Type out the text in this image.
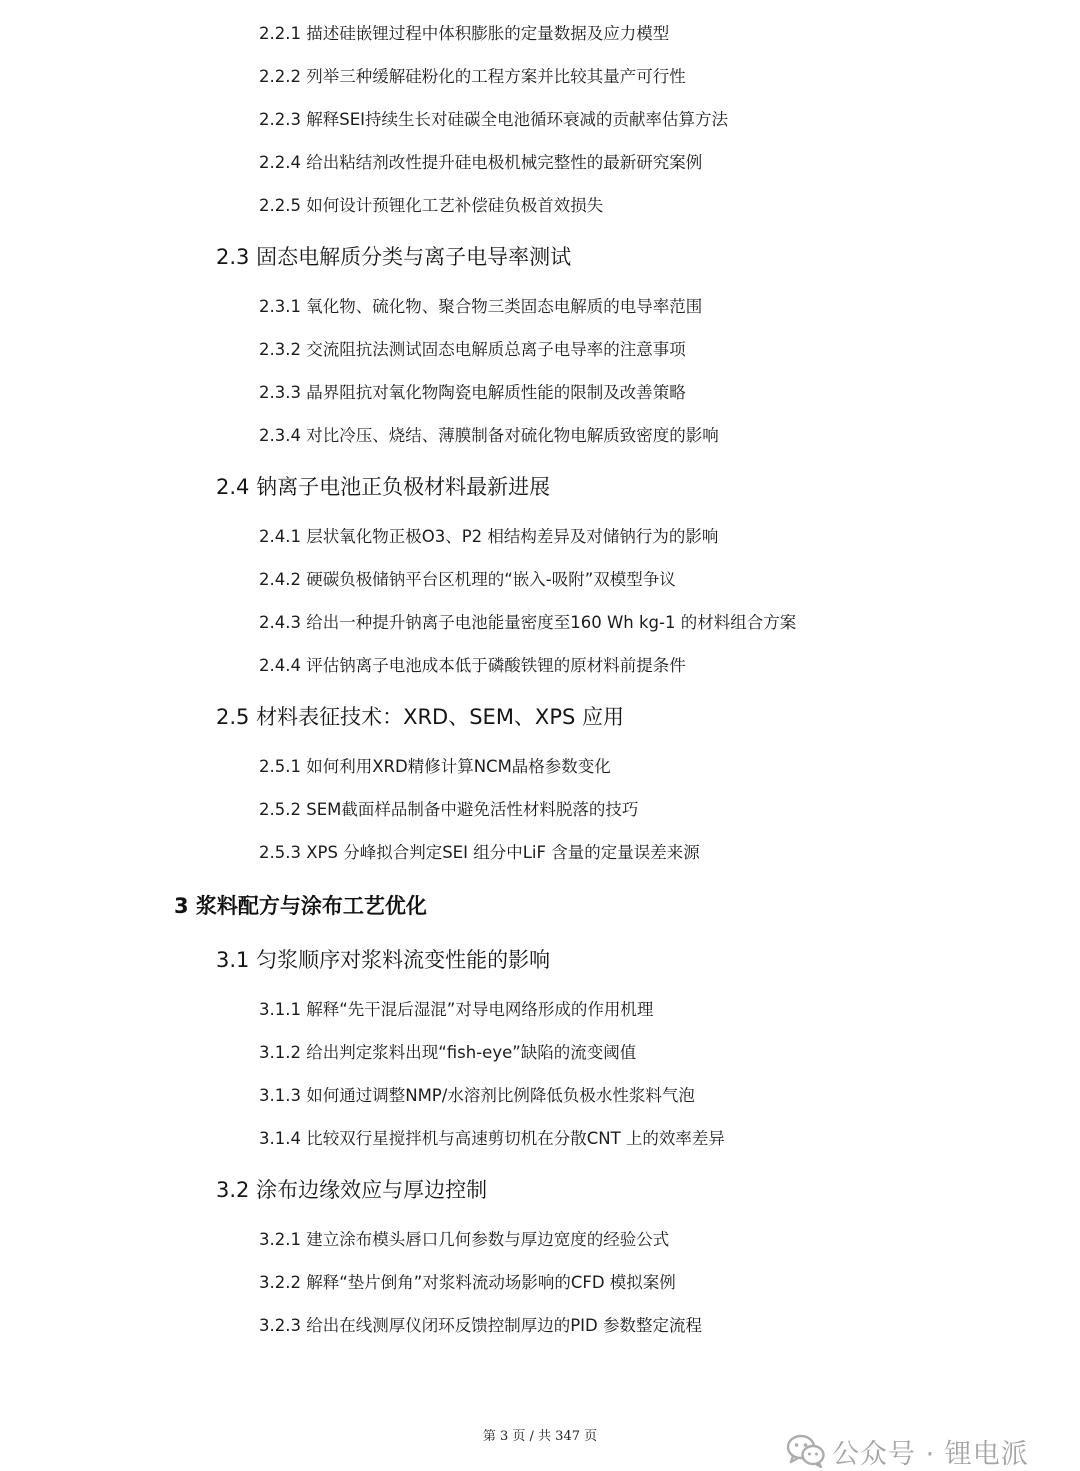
2.2.1 描述硅嵌锂过程中体积膨胀的定量数据及应力模型
2.2.2 列举三种缓解硅粉化的工程方案并比较其量产可行性
2.2.3 解释SEI持续生长对硅碳全电池循环衰减的贡献率估算方法
2.2.4 给出粘结剂改性提升硅电极机械完整性的最新研究案例
2.2.5 如何设计预锂化工艺补偿硅负极首效损失
2.3 固态电解质分类与离子电导率测试
2.3.1 氧化物、硫化物、聚合物三类固态电解质的电导率范围
2.3.2 交流阻抗法测试固态电解质总离子电导率的注意事项
2.3.3 晶界阻抗对氧化物陶瓷电解质性能的限制及改善策略
2.3.4 对比冷压、烧结、薄膜制备对硫化物电解质致密度的影响
2.4 钠离子电池正负极材料最新进展
2.4.1 层状氧化物正极O3、P2 相结构差异及对储钠行为的影响
2.4.2 硬碳负极储钠平台区机理的“嵌入-吸附”双模型争议
2.4.3 给出一种提升钠离子电池能量密度至160 Wh kg-1 的材料组合方案
2.4.4 评估钠离子电池成本低于磷酸铁锂的原材料前提条件
2.5 材料表征技术：XRD、SEM、XPS 应用
2.5.1 如何利用XRD精修计算NCM晶格参数变化
2.5.2 SEM截面样品制备中避免活性材料脱落的技巧
2.5.3 XPS 分峰拟合判定SEI 组分中LiF 含量的定量误差来源
3 浆料配方与涂布工艺优化
3.1 匀浆顺序对浆料流变性能的影响
3.1.1 解释“先干混后湿混”对导电网络形成的作用机理
3.1.2 给出判定浆料出现“fish-eye”缺陷的流变阈值
3.1.3 如何通过调整NMP/水溶剂比例降低负极水性浆料气泡
3.1.4 比较双行星搅拌机与高速剪切机在分散CNT 上的效率差异
3.2 涂布边缘效应与厚边控制
3.2.1 建立涂布模头唇口几何参数与厚边宽度的经验公式
3.2.2 解释“垫片倒角”对浆料流动场影响的CFD 模拟案例
3.2.3 给出在线测厚仪闭环反馈控制厚边的PID 参数整定流程
第 3 页 / 共 347 页
公众号 · 锂电派
